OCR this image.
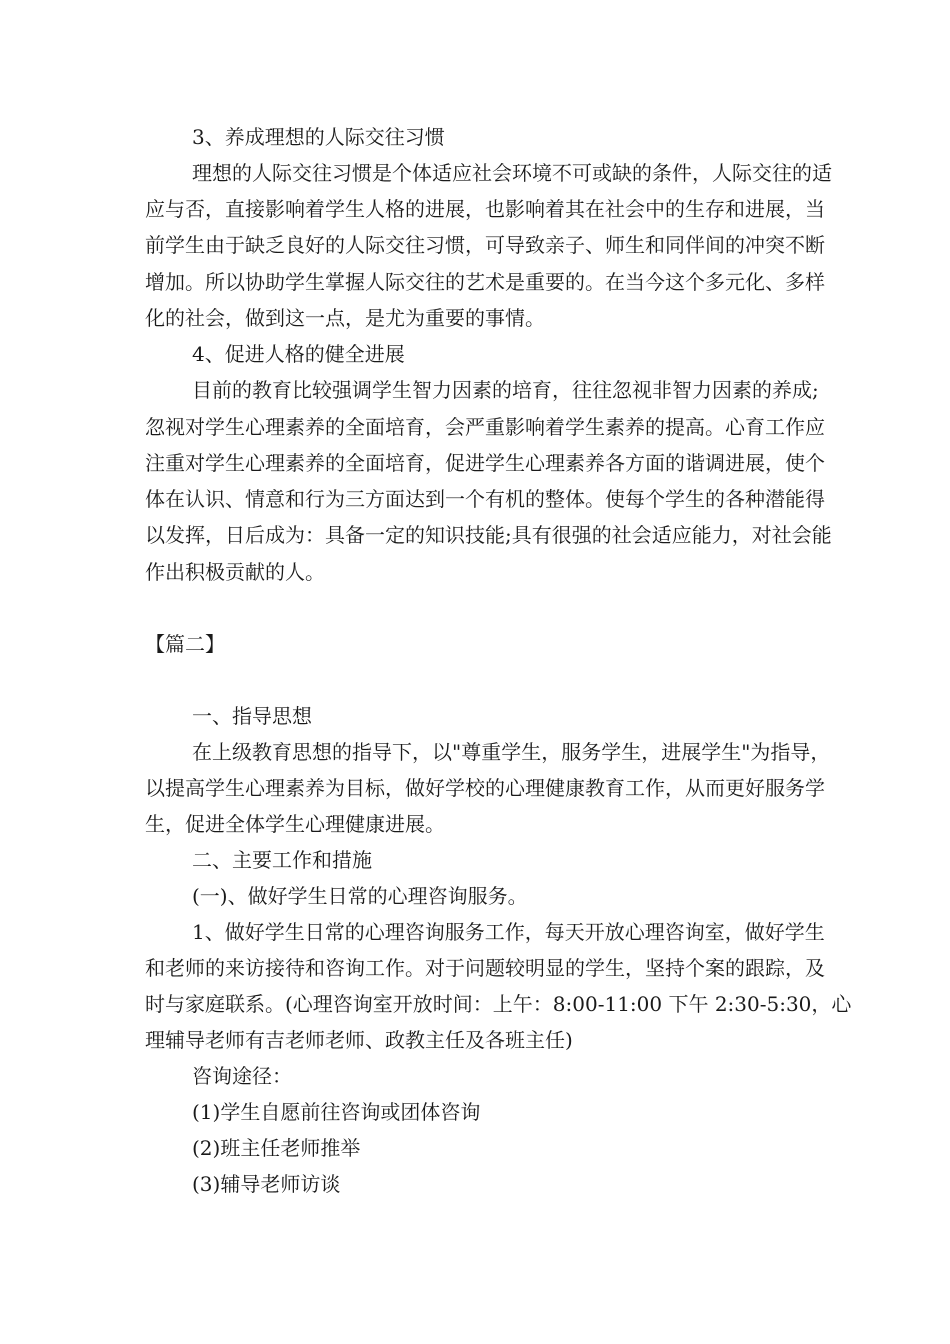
3、养成理想的人际交往习惯
理想的人际交往习惯是个体适应社会环境不可或缺的条件，人际交往的适
应与否，直接影响着学生人格的进展，也影响着其在社会中的生存和进展，当
前学生由于缺乏良好的人际交往习惯，可导致亲子、师生和同伴间的冲突不断
增加。所以协助学生掌握人际交往的艺术是重要的。在当今这个多元化、多样
化的社会，做到这一点，是尤为重要的事情。
4、促进人格的健全进展
目前的教育比较强调学生智力因素的培育，往往忽视非智力因素的养成;
忽视对学生心理素养的全面培育，会严重影响着学生素养的提高。心育工作应
注重对学生心理素养的全面培育，促进学生心理素养各方面的谐调进展，使个
体在认识、情意和行为三方面达到一个有机的整体。使每个学生的各种潜能得
以发挥，日后成为：具备一定的知识技能;具有很强的社会适应能力，对社会能
作出积极贡献的人。
【篇二】
一、指导思想
在上级教育思想的指导下，以"尊重学生，服务学生，进展学生"为指导，
以提高学生心理素养为目标，做好学校的心理健康教育工作，从而更好服务学
生，促进全体学生心理健康进展。
二、主要工作和措施
(一)、做好学生日常的心理咨询服务。
1、做好学生日常的心理咨询服务工作，每天开放心理咨询室，做好学生
和老师的来访接待和咨询工作。对于问题较明显的学生，坚持个案的跟踪，及
时与家庭联系。(心理咨询室开放时间：上午：8:00-11:00 下午 2:30-5:30，心
理辅导老师有吉老师老师、政教主任及各班主任)
咨询途径：
(1)学生自愿前往咨询或团体咨询
(2)班主任老师推举
(3)辅导老师访谈
